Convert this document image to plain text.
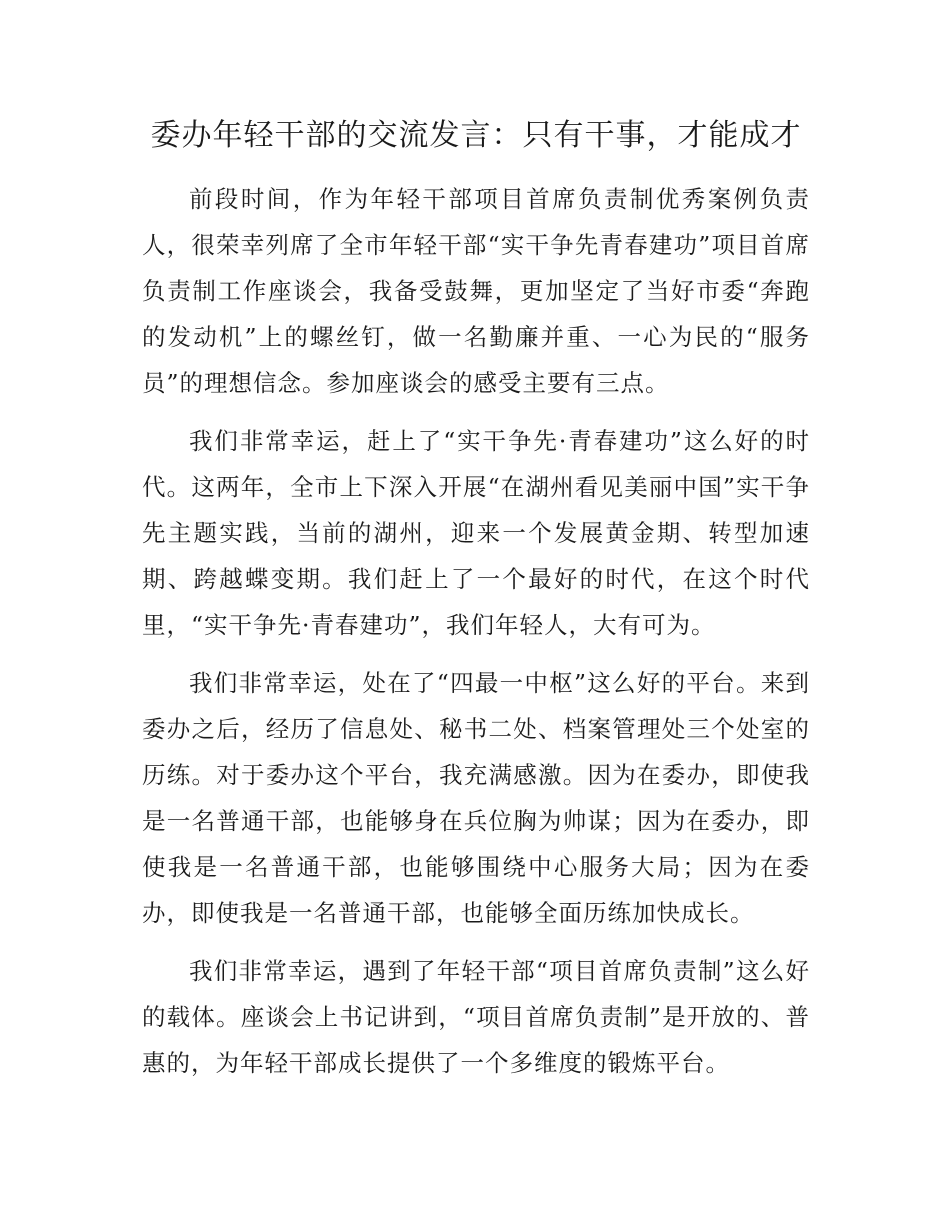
委办年轻干部的交流发言：只有干事，才能成才

前段时间，作为年轻干部项目首席负责制优秀案例负责人，很荣幸列席了全市年轻干部“实干争先青春建功”项目首席负责制工作座谈会，我备受鼓舞，更加坚定了当好市委“奔跑的发动机”上的螺丝钉，做一名勤廉并重、一心为民的“服务员”的理想信念。参加座谈会的感受主要有三点。

我们非常幸运，赶上了“实干争先·青春建功”这么好的时代。这两年，全市上下深入开展“在湖州看见美丽中国”实干争先主题实践，当前的湖州，迎来一个发展黄金期、转型加速期、跨越蝶变期。我们赶上了一个最好的时代，在这个时代里，“实干争先·青春建功”，我们年轻人，大有可为。

我们非常幸运，处在了“四最一中枢”这么好的平台。来到委办之后，经历了信息处、秘书二处、档案管理处三个处室的历练。对于委办这个平台，我充满感激。因为在委办，即使我是一名普通干部，也能够身在兵位胸为帅谋；因为在委办，即使我是一名普通干部，也能够围绕中心服务大局；因为在委办，即使我是一名普通干部，也能够全面历练加快成长。

我们非常幸运，遇到了年轻干部“项目首席负责制”这么好的载体。座谈会上书记讲到，“项目首席负责制”是开放的、普惠的，为年轻干部成长提供了一个多维度的锻炼平台。
